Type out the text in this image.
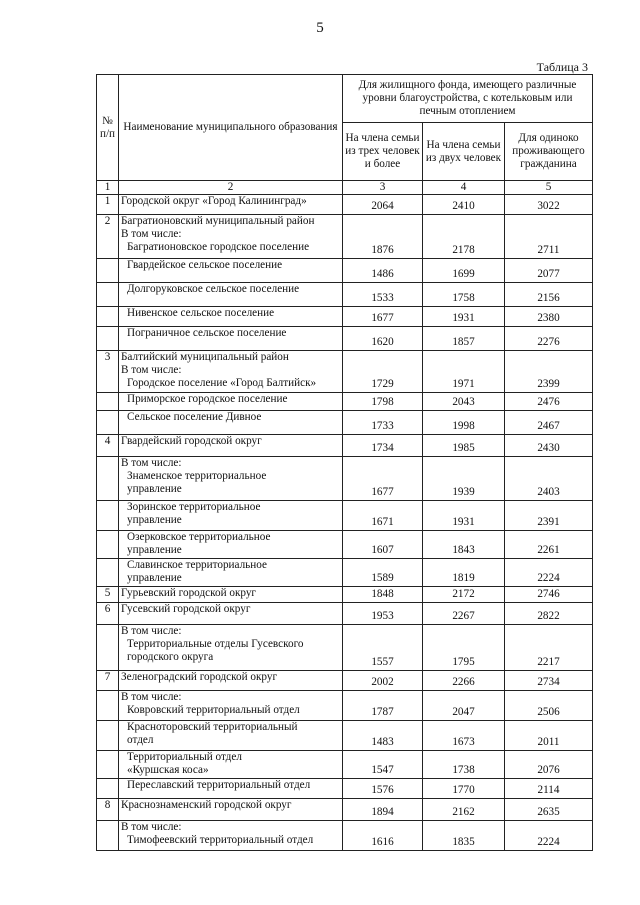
5
Таблица 3
№ п/п	Наименование муниципального образования	Для жилищного фонда, имеющего различные уровни благоустройства, с котельковым или печным отоплением		
		На члена семьи из трех человек и более	На члена семьи из двух человек	Для одиноко проживающего гражданина
1	2	3	4	5
1	Городской округ «Город Калининград»	2064	2410	3022
2	Багратионовский муниципальный район
В том числе:
Багратионовское городское поселение	1876	2178	2711

	Гвардейское сельское поселение	1486	1699	2077

	Долгоруковское сельское поселение	1533	1758	2156

	Нивенское сельское поселение	1677	1931	2380

	Пограничное сельское поселение	1620	1857	2276
3	Балтийский муниципальный район
В том числе:
Городское поселение «Город Балтийск»	1729	1971	2399

	Приморское городское поселение	1798	2043	2476

	Сельское поселение Дивное	1733	1998	2467
4	Гвардейский городской округ	1734	1985	2430

	В том числе:
Знаменское территориальное
управление	1677	1939	2403

	Зоринское территориальное
управление	1671	1931	2391

	Озерковское территориальное
управление	1607	1843	2261

	Славинское территориальное
управление	1589	1819	2224
5	Гурьевский городской округ	1848	2172	2746
6	Гусевский городской округ	1953	2267	2822

	В том числе:
Территориальные отделы Гусевского
городского округа	1557	1795	2217
7	Зеленоградский городской округ	2002	2266	2734

	В том числе:
Ковровский территориальный отдел	1787	2047	2506

	Красноторовский территориальный
отдел	1483	1673	2011

	Территориальный отдел
«Куршская коса»	1547	1738	2076

	Переславский территориальный отдел	1576	1770	2114
8	Краснознаменский городской округ	1894	2162	2635

	В том числе:
Тимофеевский территориальный отдел	1616	1835	2224
